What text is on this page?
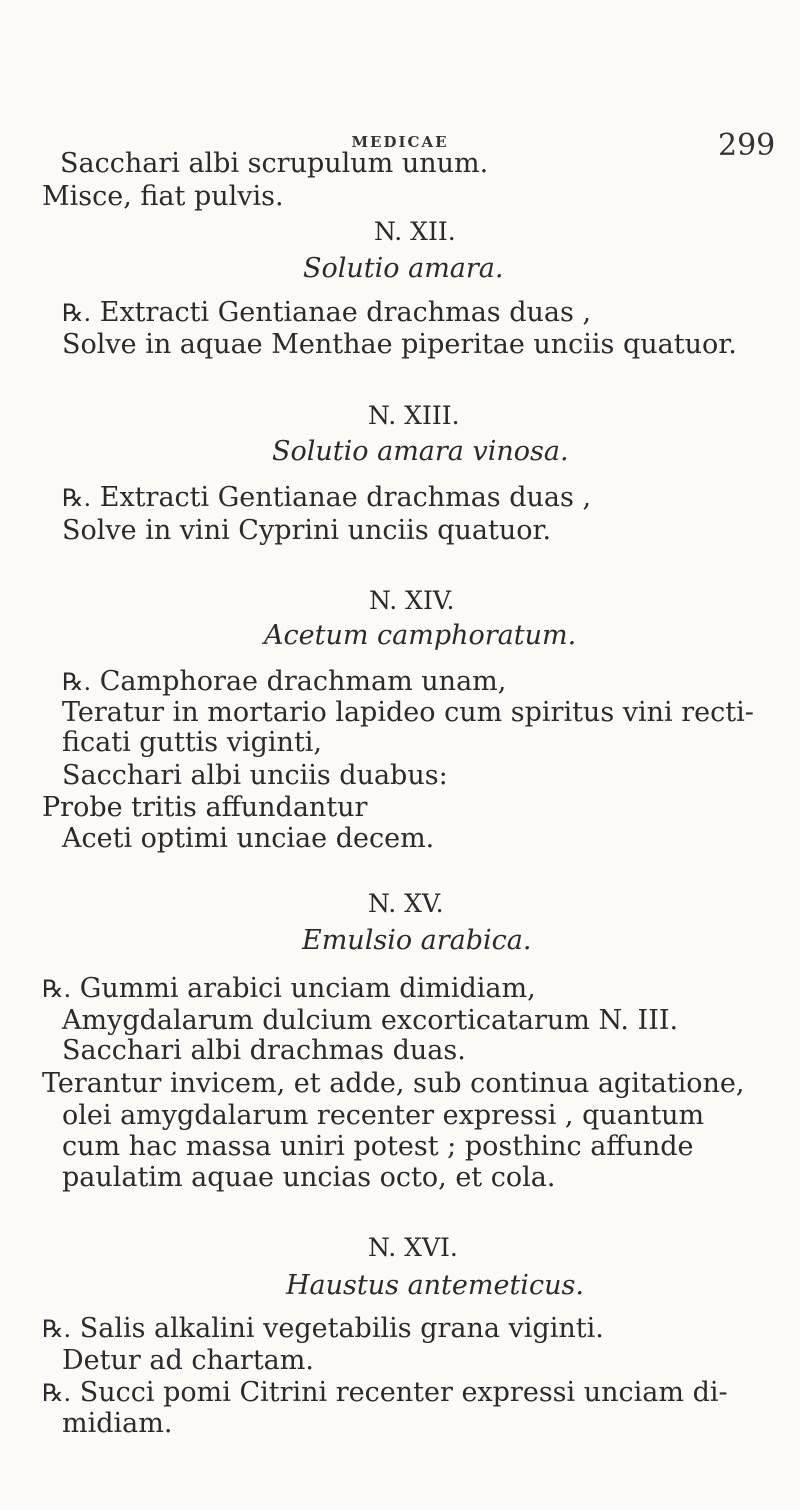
MEDICAE	299
Sacchari albi scrupulum unum.
Misce, fiat pulvis.
N. XII.
Solutio amara.
℞. Extracti Gentianae drachmas duas ,
Solve in aquae Menthae piperitae unciis quatuor.
N. XIII.
Solutio amara vinosa.
℞. Extracti Gentianae drachmas duas ,
Solve in vini Cyprini unciis quatuor.
N. XIV.
Acetum camphoratum.
℞. Camphorae drachmam unam,
Teratur in mortario lapideo cum spiritus vini recti-
ficati guttis viginti,
Sacchari albi unciis duabus:
Probe tritis affundantur
Aceti optimi unciae decem.
N. XV.
Emulsio arabica.
℞. Gummi arabici unciam dimidiam,
Amygdalarum dulcium excorticatarum N. III.
Sacchari albi drachmas duas.
Terantur invicem, et adde, sub continua agitatione,
olei amygdalarum recenter expressi , quantum
cum hac massa uniri potest ; posthinc affunde
paulatim aquae uncias octo, et cola.
N. XVI.
Haustus antemeticus.
℞. Salis alkalini vegetabilis grana viginti.
Detur ad chartam.
℞. Succi pomi Citrini recenter expressi unciam di-
midiam.
